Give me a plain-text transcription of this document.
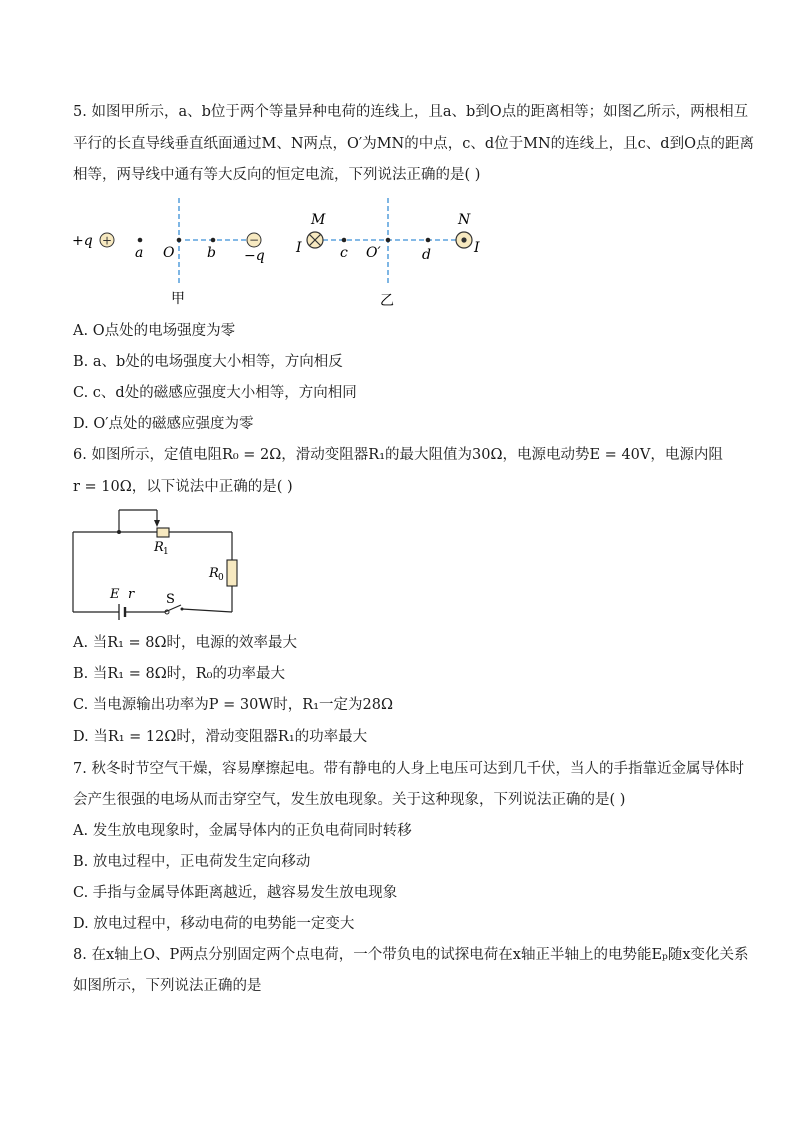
5. 如图甲所示，a、b位于两个等量异种电荷的连线上，且a、b到O点的距离相等；如图乙所示，两根相互
平行的长直导线垂直纸面通过M、N两点，O′为MN的中点，c、d位于MN的连线上，且c、d到O点的距离
相等，两导线中通有等大反向的恒定电流，下列说法正确的是( )
+	−
+q
a O b −q
甲
M	N
I	I
c O′	d
乙
A. O点处的电场强度为零
B. a、b处的电场强度大小相等，方向相反
C. c、d处的磁感应强度大小相等，方向相同
D. O′点处的磁感应强度为零
6. 如图所示，定值电阻R₀ = 2Ω，滑动变阻器R₁的最大阻值为30Ω，电源电动势E = 40V，电源内阻
r = 10Ω，以下说法中正确的是( )
R 1
R 0
E r S
A. 当R₁ = 8Ω时，电源的效率最大
B. 当R₁ = 8Ω时，R₀的功率最大
C. 当电源输出功率为P = 30W时，R₁一定为28Ω
D. 当R₁ = 12Ω时，滑动变阻器R₁的功率最大
7. 秋冬时节空气干燥，容易摩擦起电。带有静电的人身上电压可达到几千伏，当人的手指靠近金属导体时
会产生很强的电场从而击穿空气，发生放电现象。关于这种现象，下列说法正确的是( )
A. 发生放电现象时，金属导体内的正负电荷同时转移
B. 放电过程中，正电荷发生定向移动
C. 手指与金属导体距离越近，越容易发生放电现象
D. 放电过程中，移动电荷的电势能一定变大
8. 在x轴上O、P两点分别固定两个点电荷，一个带负电的试探电荷在x轴正半轴上的电势能Eₚ随x变化关系
如图所示，下列说法正确的是
